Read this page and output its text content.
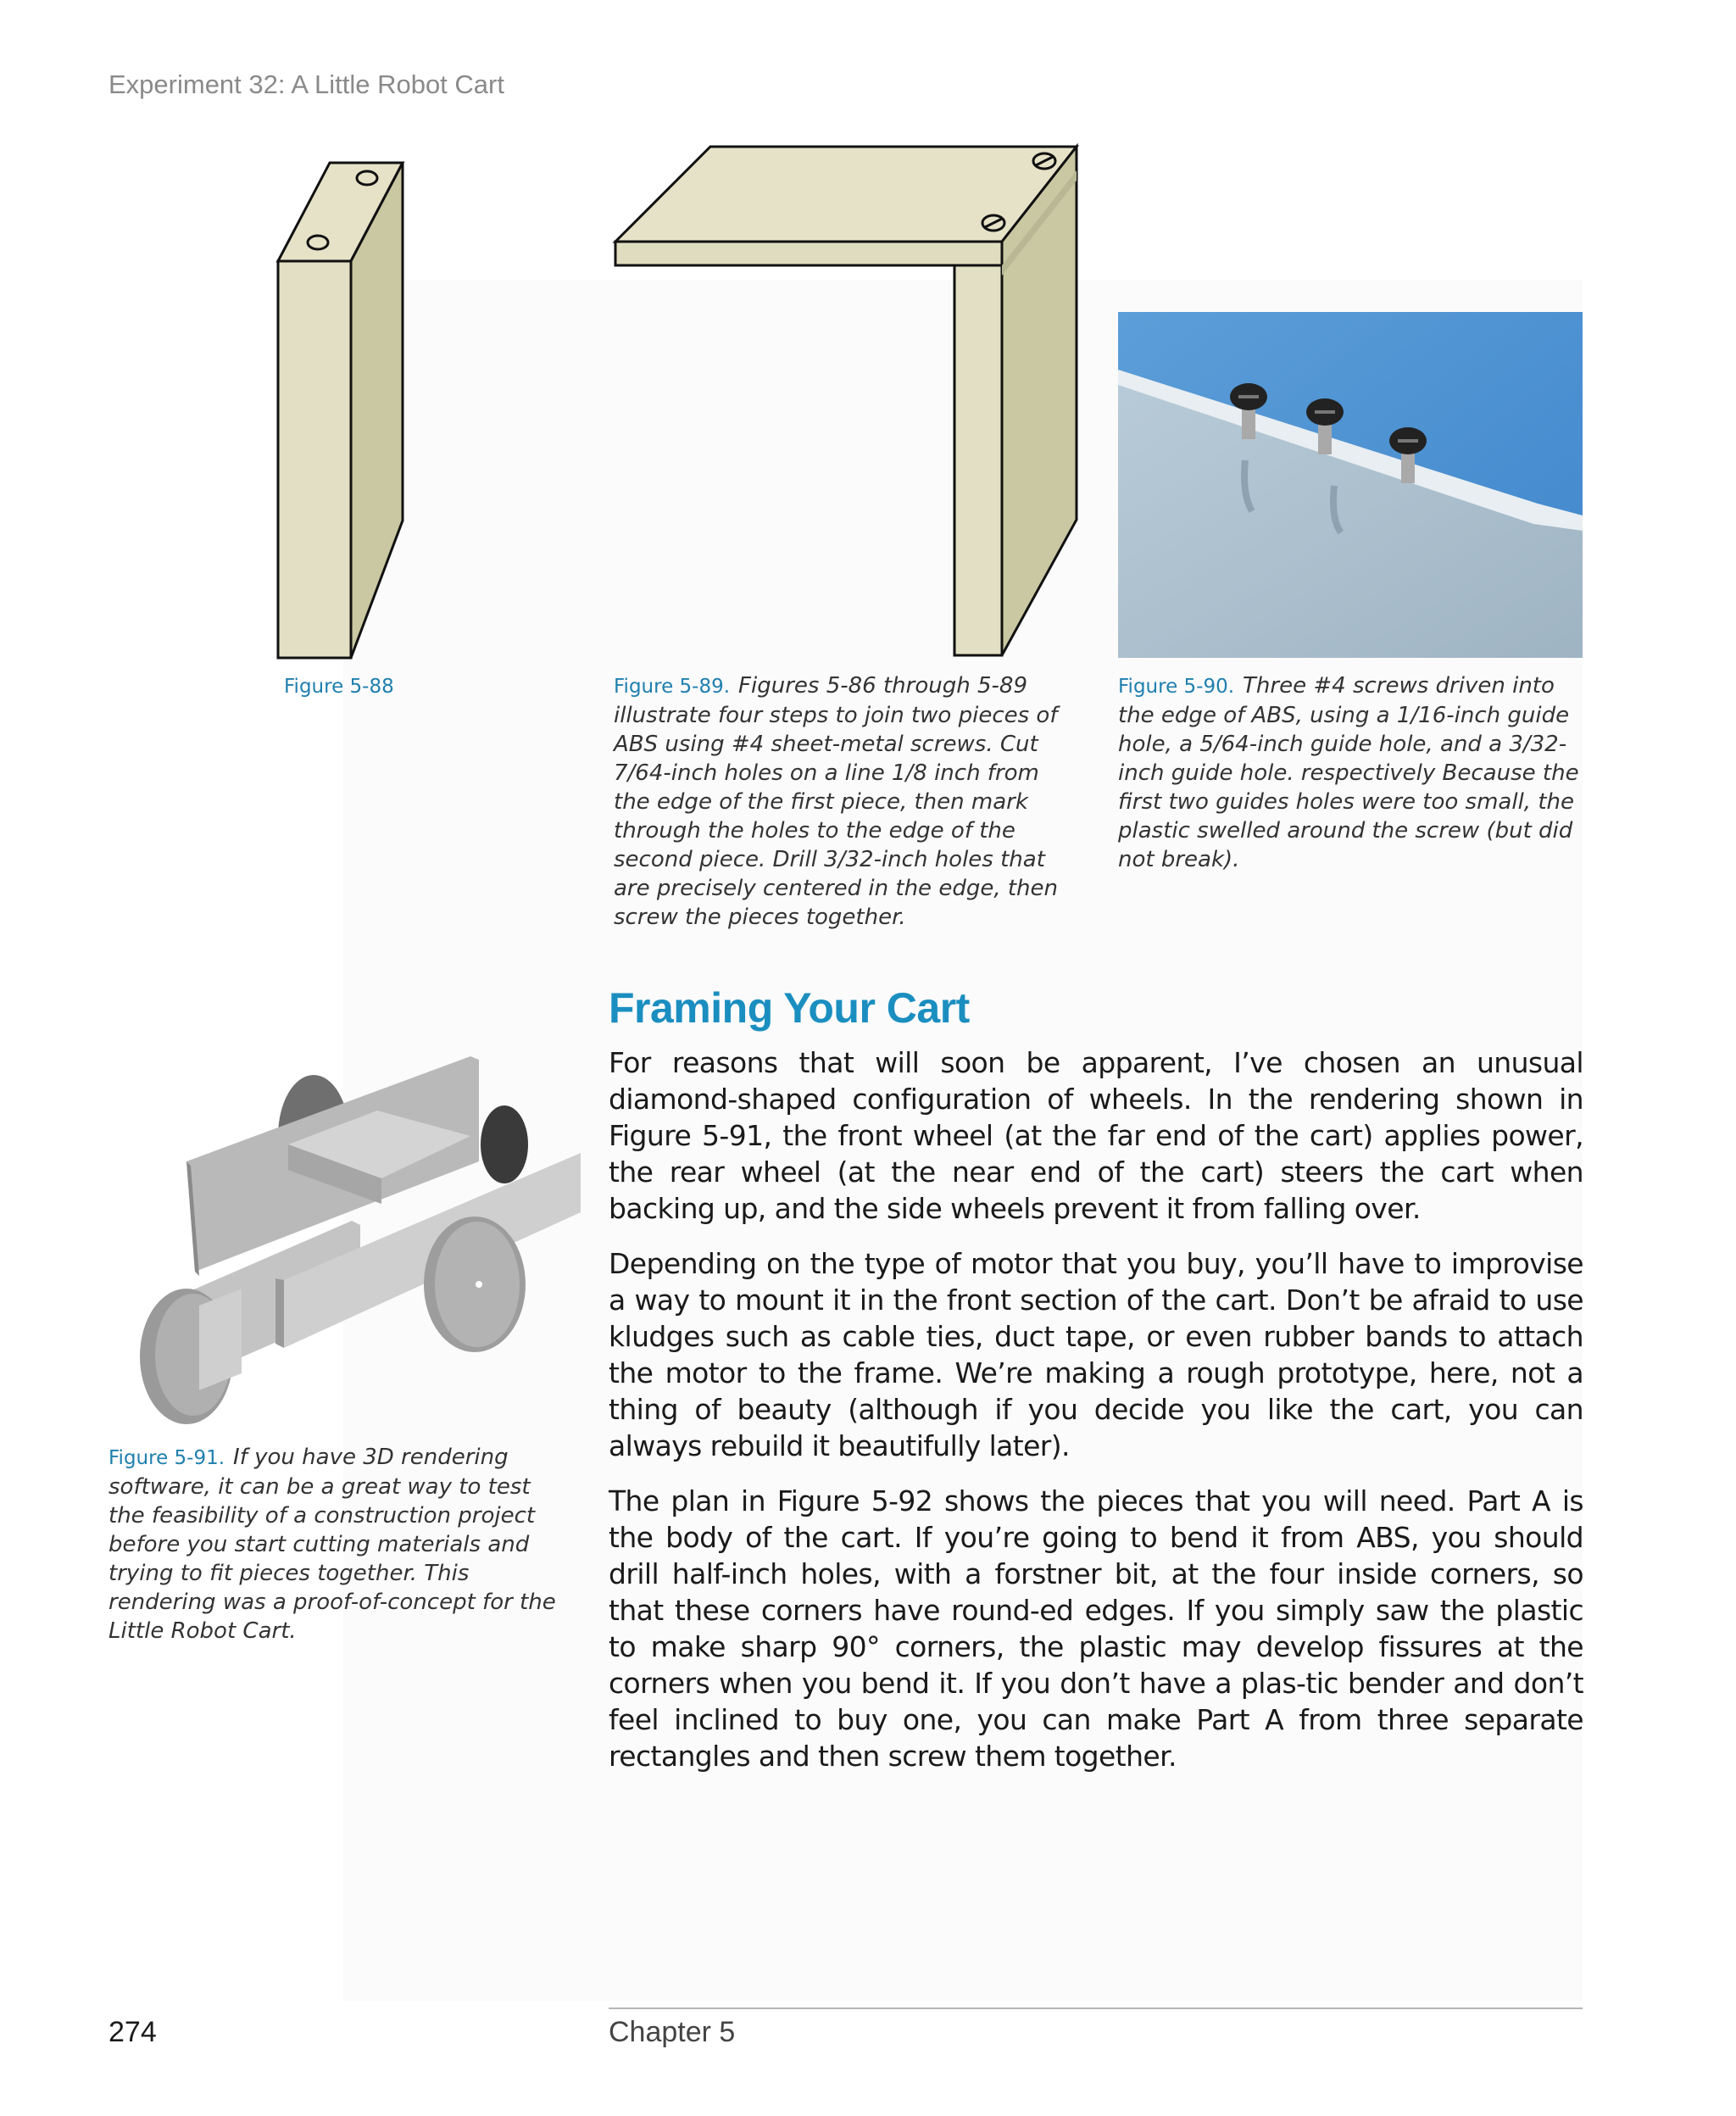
Experiment 32: A Little Robot Cart
Figure 5-88	Figure 5-89. Figures 5-86 through 5-89 illustrate four steps to join two pieces of ABS using #4 sheet-metal screws. Cut 7/64-inch holes on a line 1/8 inch from the edge of the first piece, then mark through the holes to the edge of the second piece. Drill 3/32-inch holes that are precisely centered in the edge, then screw the pieces together.
Figure 5-90. Three #4 screws driven into the edge of ABS, using a 1/16-inch guide hole, a 5/64-inch guide hole, and a 3/32-inch guide hole. respectively Because the first two guides holes were too small, the plastic swelled around the screw (but did not break).
Figure 5-91. If you have 3D rendering software, it can be a great way to test the feasibility of a construction project before you start cutting materials and trying to fit pieces together. This rendering was a proof-of-concept for the Little Robot Cart.
Framing Your Cart

For reasons that will soon be apparent, I’ve chosen an unusual diamond-shaped configuration of wheels. In the rendering shown in Figure 5-91, the front wheel (at the far end of the cart) applies power, the rear wheel (at the near end of the cart) steers the cart when backing up, and the side wheels prevent it from falling over.

Depending on the type of motor that you buy, you’ll have to improvise a way to mount it in the front section of the cart. Don’t be afraid to use kludges such as cable ties, duct tape, or even rubber bands to attach the motor to the frame. We’re making a rough prototype, here, not a thing of beauty (although if you decide you like the cart, you can always rebuild it beautifully later).

The plan in Figure 5-92 shows the pieces that you will need. Part A is the body of the cart. If you’re going to bend it from ABS, you should drill half-inch holes, with a forstner bit, at the four inside corners, so that these corners have round-ed edges. If you simply saw the plastic to make sharp 90° corners, the plastic may develop fissures at the corners when you bend it. If you don’t have a plas-tic bender and don’t feel inclined to buy one, you can make Part A from three separate rectangles and then screw them together.

274	Chapter 5
